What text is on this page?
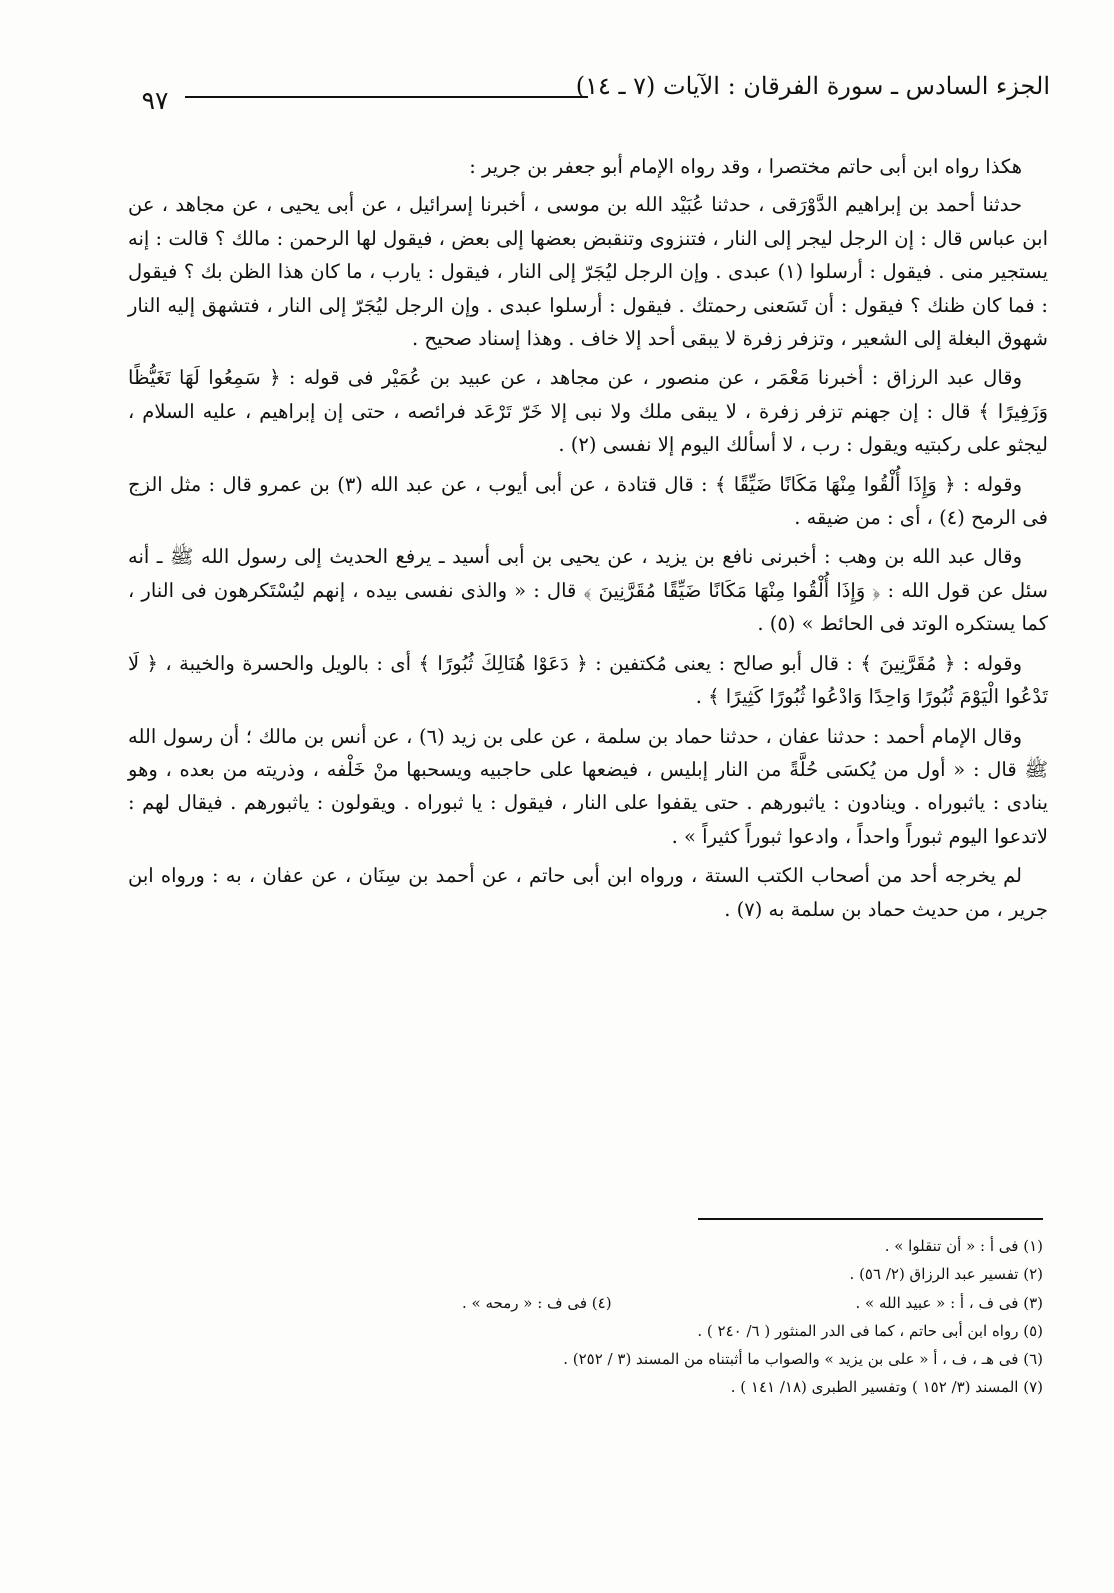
الجزء السادس ـ سورة الفرقان : الآيات (٧ ـ ١٤)
٩٧

هكذا رواه ابن أبى حاتم مختصرا ، وقد رواه الإمام أبو جعفر بن جرير :

حدثنا أحمد بن إبراهيم الدَّوْرَقى ، حدثنا عُبَيْد الله بن موسى ، أخبرنا إسرائيل ، عن أبى يحيى ، عن مجاهد ، عن ابن عباس قال : إن الرجل ليجر إلى النار ، فتنزوى وتنقبض بعضها إلى بعض ، فيقول لها الرحمن : مالك ؟ قالت : إنه يستجير منى . فيقول : أرسلوا (١) عبدى . وإن الرجل ليُجَرّ إلى النار ، فيقول : يارب ، ما كان هذا الظن بك ؟ فيقول : فما كان ظنك ؟ فيقول : أن تَسَعنى رحمتك . فيقول : أرسلوا عبدى . وإن الرجل ليُجَرّ إلى النار ، فتشهق إليه النار شهوق البغلة إلى الشعير ، وتزفر زفرة لا يبقى أحد إلا خاف . وهذا إسناد صحيح .

وقال عبد الرزاق : أخبرنا مَعْمَر ، عن منصور ، عن مجاهد ، عن عبيد بن عُمَيْر فى قوله : ﴿ سَمِعُوا لَهَا تَغَيُّظًا وَزَفِيرًا ﴾ قال : إن جهنم تزفر زفرة ، لا يبقى ملك ولا نبى إلا خَرّ تَرْعَد فرائصه ، حتى إن إبراهيم ، عليه السلام ، ليجثو على ركبتيه ويقول : رب ، لا أسألك اليوم إلا نفسى (٢) .

وقوله : ﴿ وَإِذَا أُلْقُوا مِنْهَا مَكَانًا ضَيِّقًا ﴾ : قال قتادة ، عن أبى أيوب ، عن عبد الله (٣) بن عمرو قال : مثل الزج فى الرمح (٤) ، أى : من ضيقه .

وقال عبد الله بن وهب : أخبرنى نافع بن يزيد ، عن يحيى بن أبى أسيد ـ يرفع الحديث إلى رسول الله ﷺ ـ أنه سئل عن قول الله : ﴿ وَإِذَا أُلْقُوا مِنْهَا مَكَانًا ضَيِّقًا مُقَرَّنِينَ ﴾ قال : « والذى نفسى بيده ، إنهم ليُسْتَكرهون فى النار ، كما يستكره الوتد فى الحائط » (٥) .

وقوله : ﴿ مُقَرَّنِينَ ﴾ : قال أبو صالح : يعنى مُكتفين : ﴿ دَعَوْا هُنَالِكَ ثُبُورًا ﴾ أى : بالويل والحسرة والخيبة ، ﴿ لَا تَدْعُوا الْيَوْمَ ثُبُورًا وَاحِدًا وَادْعُوا ثُبُورًا كَثِيرًا ﴾ .

وقال الإمام أحمد : حدثنا عفان ، حدثنا حماد بن سلمة ، عن على بن زيد (٦) ، عن أنس بن مالك ؛ أن رسول الله ﷺ قال : « أول من يُكسَى حُلَّةً من النار إبليس ، فيضعها على حاجبيه ويسحبها منْ خَلْفه ، وذريته من بعده ، وهو ينادى : ياثبوراه . وينادون : ياثبورهم . حتى يقفوا على النار ، فيقول : يا ثبوراه . ويقولون : ياثبورهم . فيقال لهم : لاتدعوا اليوم ثبوراً واحداً ، وادعوا ثبوراً كثيراً » .

لم يخرجه أحد من أصحاب الكتب الستة ، ورواه ابن أبى حاتم ، عن أحمد بن سِنَان ، عن عفان ، به : ورواه ابن جرير ، من حديث حماد بن سلمة به (٧) .

(١) فى أ : « أن تنقلوا » .
(٢) تفسير عبد الرزاق (٢/ ٥٦) .
(٣) فى ف ، أ : « عبيد الله » .
(٤) فى ف : « رمحه » .
(٥) رواه ابن أبى حاتم ، كما فى الدر المنثور ( ٦/ ٢٤٠ ) .
(٦) فى هـ ، ف ، أ « على بن يزيد » والصواب ما أثبتناه من المسند (٣ / ٢٥٢) .
(٧) المسند (٣/ ١٥٢ ) وتفسير الطبرى (١٨/ ١٤١ ) .
